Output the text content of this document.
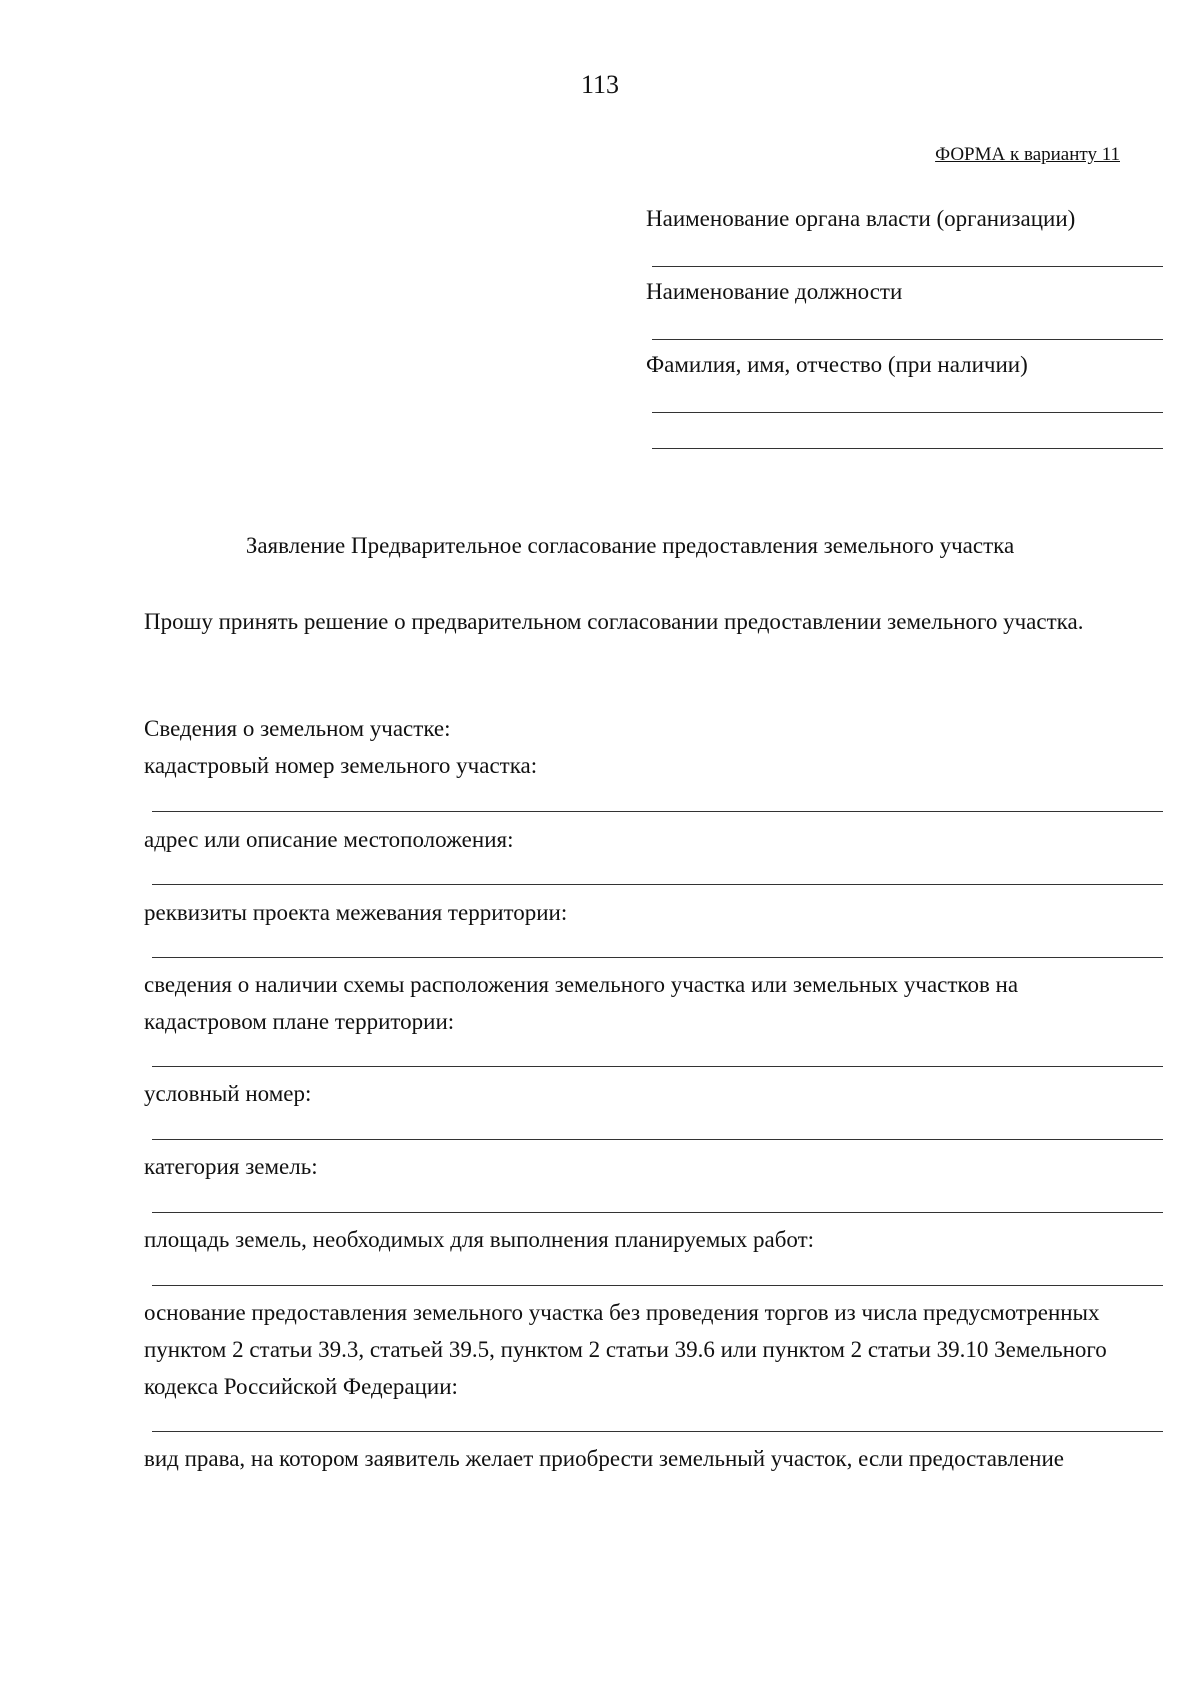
113
ФОРМА к варианту 11
Наименование органа власти (организации)
Наименование должности
Фамилия, имя, отчество (при наличии)
Заявление Предварительное согласование предоставления земельного участка
Прошу принять решение о предварительном согласовании предоставлении земельного участка.
Сведения о земельном участке:
кадастровый номер земельного участка:
адрес или описание местоположения:
реквизиты проекта межевания территории:
сведения о наличии схемы расположения земельного участка или земельных участков на кадастровом плане территории:
условный номер:
категория земель:
площадь земель, необходимых для выполнения планируемых работ:
основание предоставления земельного участка без проведения торгов из числа предусмотренных пунктом 2 статьи 39.3, статьей 39.5, пунктом 2 статьи 39.6 или пунктом 2 статьи 39.10 Земельного кодекса Российской Федерации:
вид права, на котором заявитель желает приобрести земельный участок, если предоставление
